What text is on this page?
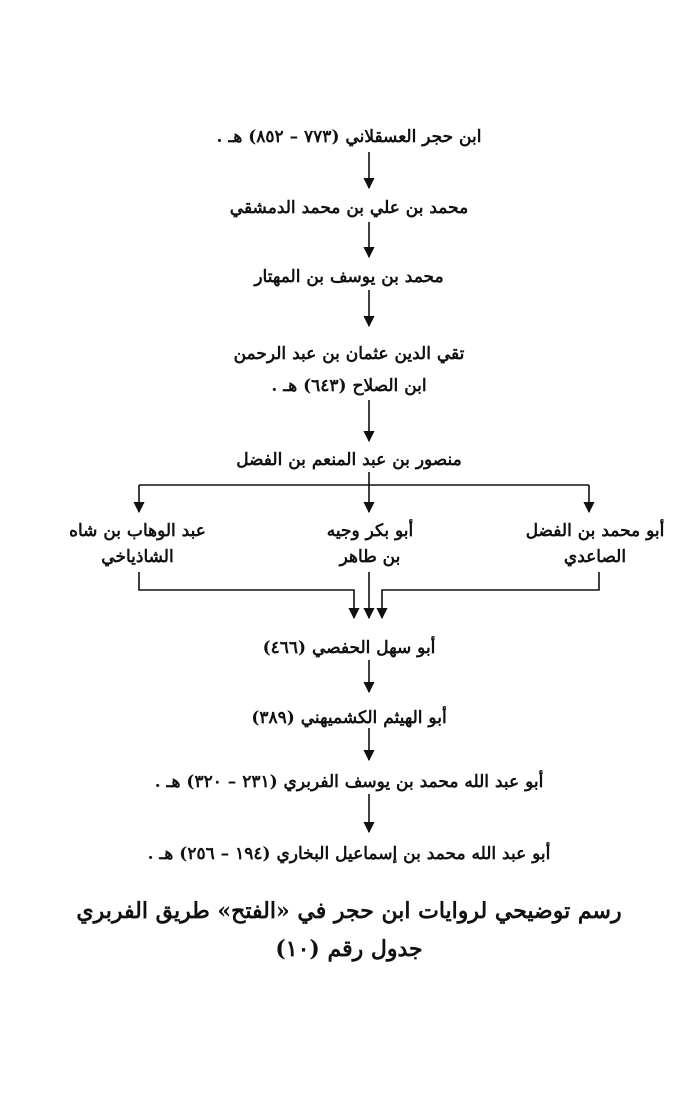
ابن حجر العسقلاني (٧٧٣ – ٨٥٢) هـ .
محمد بن علي بن محمد الدمشقي
محمد بن يوسف بن المهتار
تقي الدين عثمان بن عبد الرحمن
ابن الصلاح (٦٤٣) هـ .
منصور بن عبد المنعم بن الفضل
أبو محمد بن الفضل
الصاعدي
أبو بكر وجيه
بن طاهر
عبد الوهاب بن شاه
الشاذياخي
أبو سهل الحفصي (٤٦٦)
أبو الهيثم الكشميهني (٣٨٩)
أبو عبد الله محمد بن يوسف الفربري (٢٣١ – ٣٢٠) هـ .
أبو عبد الله محمد بن إسماعيل البخاري (١٩٤ – ٢٥٦) هـ .
رسم توضيحي لروايات ابن حجر في «الفتح» طريق الفربري
جدول رقم (١٠)
